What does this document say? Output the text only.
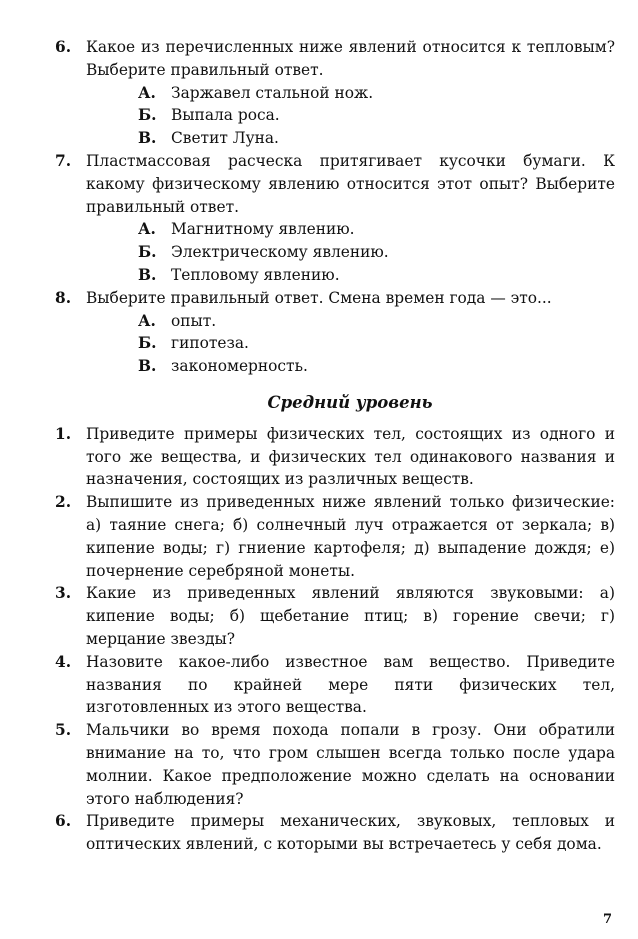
6. Какое из перечисленных ниже явлений относится к тепловым? Выберите правильный ответ.
А. Заржавел стальной нож.
Б. Выпала роса.
В. Светит Луна.
7. Пластмассовая расческа притягивает кусочки бумаги. К какому физическому явлению относится этот опыт? Выберите правильный ответ.
А. Магнитному явлению.
Б. Электрическому явлению.
В. Тепловому явлению.
8. Выберите правильный ответ. Смена времен года — это...
А. опыт.
Б. гипотеза.
В. закономерность.
Средний уровень
1. Приведите примеры физических тел, состоящих из одного и того же вещества, и физических тел одинакового названия и назначения, состоящих из различных веществ.
2. Выпишите из приведенных ниже явлений только физические: а) таяние снега; б) солнечный луч отражается от зеркала; в) кипение воды; г) гниение картофеля; д) выпадение дождя; е) почернение серебряной монеты.
3. Какие из приведенных явлений являются звуковыми: а) кипение воды; б) щебетание птиц; в) горение свечи; г) мерцание звезды?
4. Назовите какое-либо известное вам вещество. Приведите названия по крайней мере пяти физических тел, изготовленных из этого вещества.
5. Мальчики во время похода попали в грозу. Они обратили внимание на то, что гром слышен всегда только после удара молнии. Какое предположение можно сделать на основании этого наблюдения?
6. Приведите примеры механических, звуковых, тепловых и оптических явлений, с которыми вы встречаетесь у себя дома.
7
